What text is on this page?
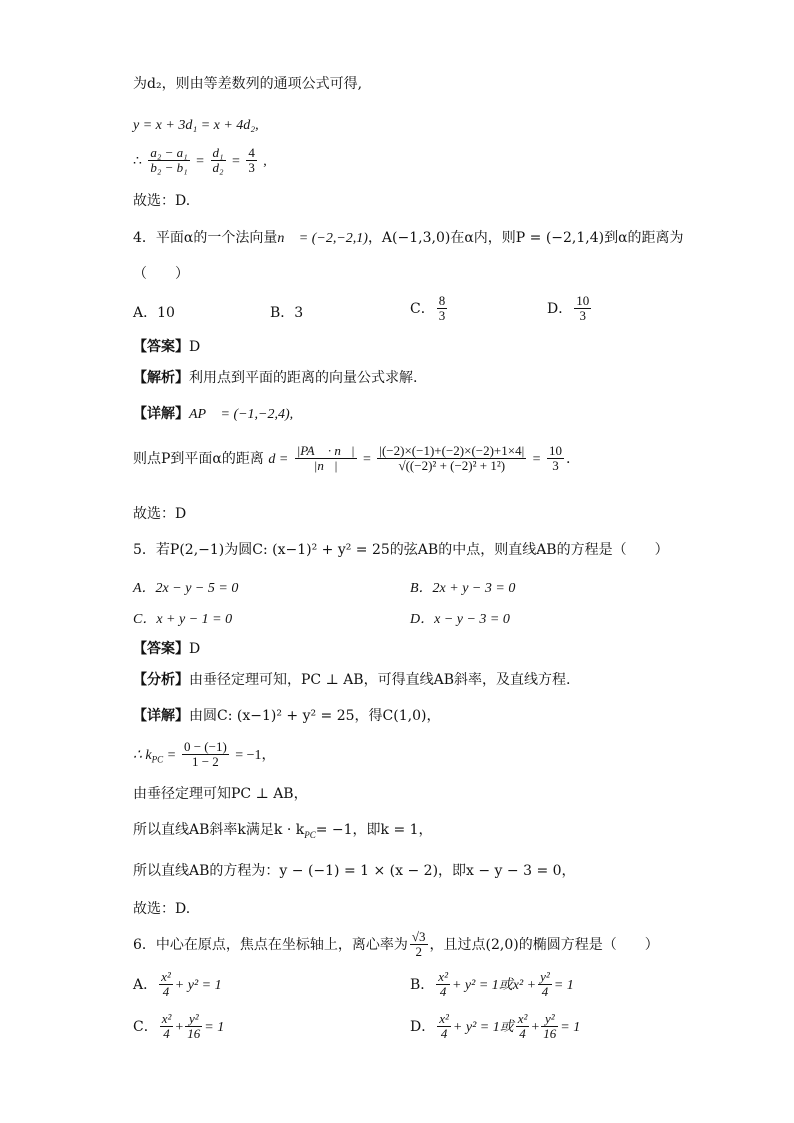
为d₂，则由等差数列的通项公式可得,
y = x + 3d₁ = x + 4d₂,
∴ $\frac{\text{a₂ − a₁}}{\text{b₂ − b₁}} = \frac{\text{d₁}}{\text{d₂}} = \frac{4}{3}$ ,
故选：D.
4．平面α的一个法向量n⃗ = (−2,−2,1)，A(−1,3,0)在α内，则P = (−2,1,4)到α的距离为
（　　）
A．10	B．3	C． $\frac{8}{3}$	D． $\frac{10}{3}$
【答案】D
【解析】利用点到平面的距离的向量公式求解.
【详解】AP⃗ = (−1,−2,4),
则点P到平面α的距离 $d = \frac{|PA⃗ \cdot n⃗|}{|n⃗|} = \frac{|(-2)\times(-1)+(-2)\times(-2)+1\times 4|}{\text{√((−2)² + (−2)² + 1²)}} = \frac{10}{3}$ .
故选：D
5．若P(2,−1)为圆C: (x−1)² + y² = 25的弦AB的中点，则直线AB的方程是（　　）
A．2x − y − 5 = 0	B．2x + y − 3 = 0
C．x + y − 1 = 0	D．x − y − 3 = 0
【答案】D
【分析】由垂径定理可知，PC ⊥ AB，可得直线AB斜率，及直线方程.
【详解】由圆C: (x−1)² + y² = 25，得C(1,0)，
∴ $k_{PC} = \frac{0 - (-1)}{1 - 2} = -1$，
由垂径定理可知PC ⊥ AB，
所以直线AB斜率k满足$k \cdot k_{PC}= -1$，即k = 1，
所以直线AB的方程为：y − (−1) = 1 × (x − 2)，即x − y − 3 = 0，
故选：D.
6．中心在原点，焦点在坐标轴上，离心率为 $\frac{√3}{2}$ ，且过点(2,0)的椭圆方程是（　　）
A． $\frac{\text{x²}}{4} + y^2 = 1$	B． $\frac{\text{x²}}{4} + y^2 = 1$或$x^2 + \frac{\text{y²}}{4} = 1$
C． $\frac{\text{x²}}{4} + \frac{\text{y²}}{16} = 1$	D． $\frac{\text{x²}}{4} + y^2 = 1$或 $\frac{\text{x²}}{4} + \frac{\text{y²}}{16} = 1$
